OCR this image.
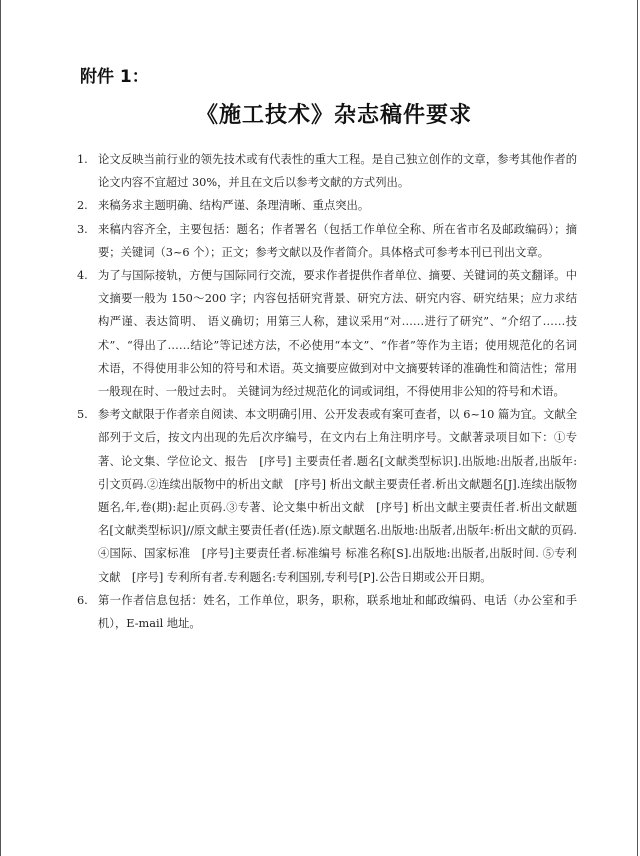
附件 1：
《施工技术》杂志稿件要求
1. 论文反映当前行业的领先技术或有代表性的重大工程。是自己独立创作的文章，参考其他作者的论文内容不宜超过 30%，并且在文后以参考文献的方式列出。
2. 来稿务求主题明确、结构严谨、条理清晰、重点突出。
3. 来稿内容齐全，主要包括：题名；作者署名（包括工作单位全称、所在省市名及邮政编码）；摘要；关键词（3~6 个）；正文；参考文献以及作者简介。具体格式可参考本刊已刊出文章。
4. 为了与国际接轨，方便与国际同行交流，要求作者提供作者单位、摘要、关键词的英文翻译。中文摘要一般为 150～200 字；内容包括研究背景、研究方法、研究内容、研究结果；应力求结构严谨、表达简明、 语义确切；用第三人称，建议采用“对……进行了研究”、“介绍了……技术”、“得出了……结论”等记述方法，不必使用“本文”、“作者”等作为主语；使用规范化的名词术语，不得使用非公知的符号和术语。英文摘要应做到对中文摘要转译的准确性和简洁性；常用一般现在时、一般过去时。 关键词为经过规范化的词或词组，不得使用非公知的符号和术语。
5. 参考文献限于作者亲自阅读、本文明确引用、公开发表或有案可查者，以 6~10 篇为宜。文献全部列于文后，按文内出现的先后次序编号，在文内右上角注明序号。文献著录项目如下：①专著、论文集、学位论文、报告　[序号] 主要责任者.题名[文献类型标识].出版地:出版者,出版年:引文页码.②连续出版物中的析出文献　[序号] 析出文献主要责任者.析出文献题名[J].连续出版物题名,年,卷(期):起止页码.③专著、论文集中析出文献　[序号] 析出文献主要责任者.析出文献题名[文献类型标识]//原文献主要责任者(任选).原文献题名.出版地:出版者,出版年:析出文献的页码. ④国际、国家标准　[序号]主要责任者.标准编号 标准名称[S].出版地:出版者,出版时间. ⑤专利文献　[序号] 专利所有者.专利题名:专利国别,专利号[P].公告日期或公开日期。
6. 第一作者信息包括：姓名，工作单位，职务，职称，联系地址和邮政编码、电话（办公室和手机），E-mail 地址。
